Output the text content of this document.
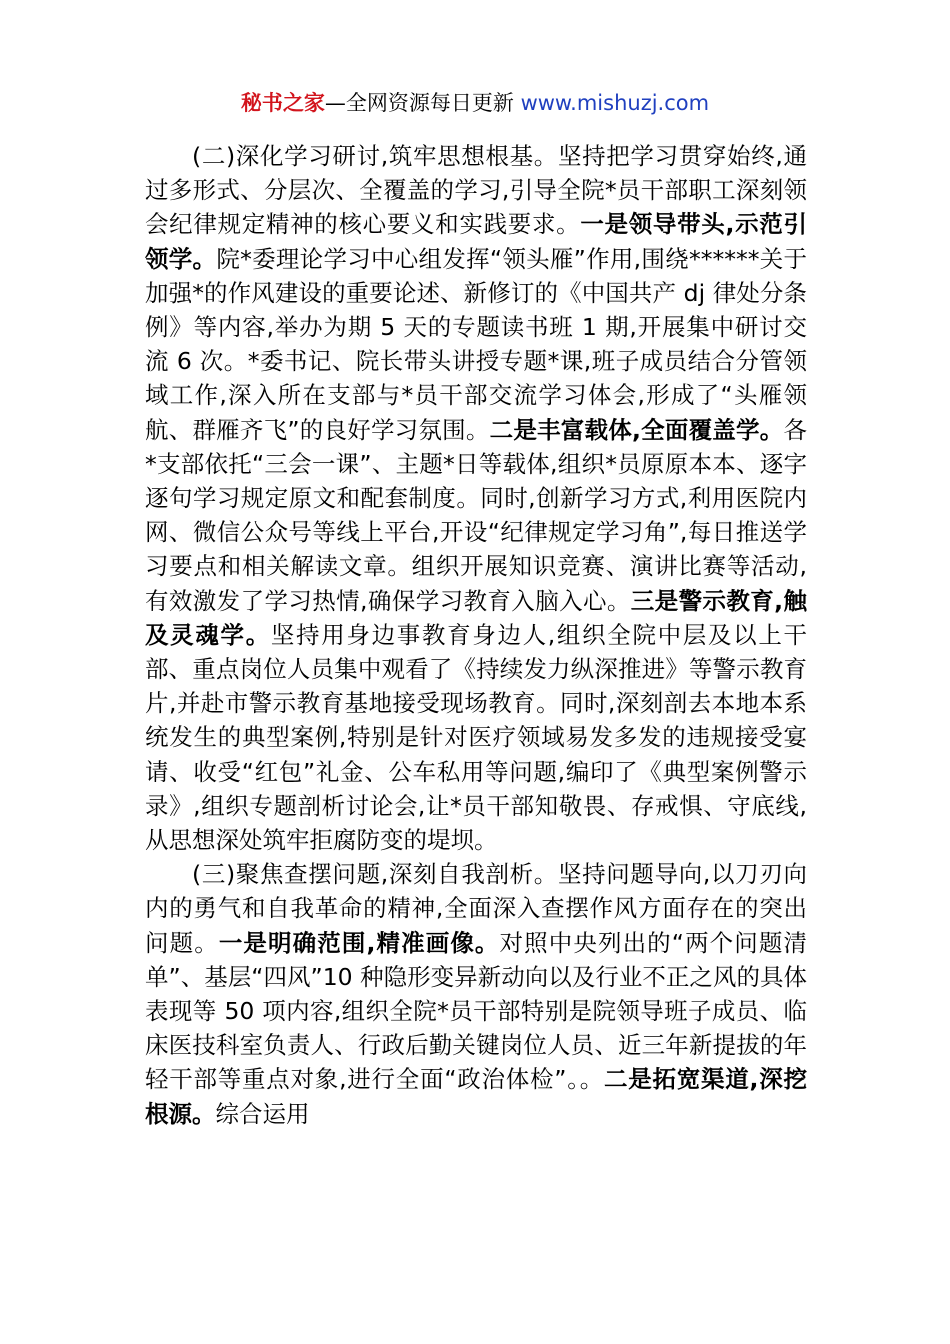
秘书之家—全网资源每日更新 www.mishuzj.com

(二)深化学习研讨,筑牢思想根基。坚持把学习贯穿始终,通过多形式、分层次、全覆盖的学习,引导全院*员干部职工深刻领会纪律规定精神的核心要义和实践要求。一是领导带头,示范引领学。院*委理论学习中心组发挥“领头雁”作用,围绕******关于加强*的作风建设的重要论述、新修订的《中国共产 dj 律处分条例》等内容,举办为期 5 天的专题读书班 1 期,开展集中研讨交流 6 次。*委书记、院长带头讲授专题*课,班子成员结合分管领域工作,深入所在支部与*员干部交流学习体会,形成了“头雁领航、群雁齐飞”的良好学习氛围。二是丰富载体,全面覆盖学。各*支部依托“三会一课”、主题*日等载体,组织*员原原本本、逐字逐句学习规定原文和配套制度。同时,创新学习方式,利用医院内网、微信公众号等线上平台,开设“纪律规定学习角”,每日推送学习要点和相关解读文章。组织开展知识竞赛、演讲比赛等活动,有效激发了学习热情,确保学习教育入脑入心。三是警示教育,触及灵魂学。坚持用身边事教育身边人,组织全院中层及以上干部、重点岗位人员集中观看了《持续发力纵深推进》等警示教育片,并赴市警示教育基地接受现场教育。同时,深刻剖去本地本系统发生的典型案例,特别是针对医疗领域易发多发的违规接受宴请、收受“红包”礼金、公车私用等问题,编印了《典型案例警示录》,组织专题剖析讨论会,让*员干部知敬畏、存戒惧、守底线,从思想深处筑牢拒腐防变的堤坝。

(三)聚焦查摆问题,深刻自我剖析。坚持问题导向,以刀刃向内的勇气和自我革命的精神,全面深入查摆作风方面存在的突出问题。一是明确范围,精准画像。对照中央列出的“两个问题清单”、基层“四风”10 种隐形变异新动向以及行业不正之风的具体表现等 50 项内容,组织全院*员干部特别是院领导班子成员、临床医技科室负责人、行政后勤关键岗位人员、近三年新提拔的年轻干部等重点对象,进行全面“政治体检”。。二是拓宽渠道,深挖根源。综合运用
